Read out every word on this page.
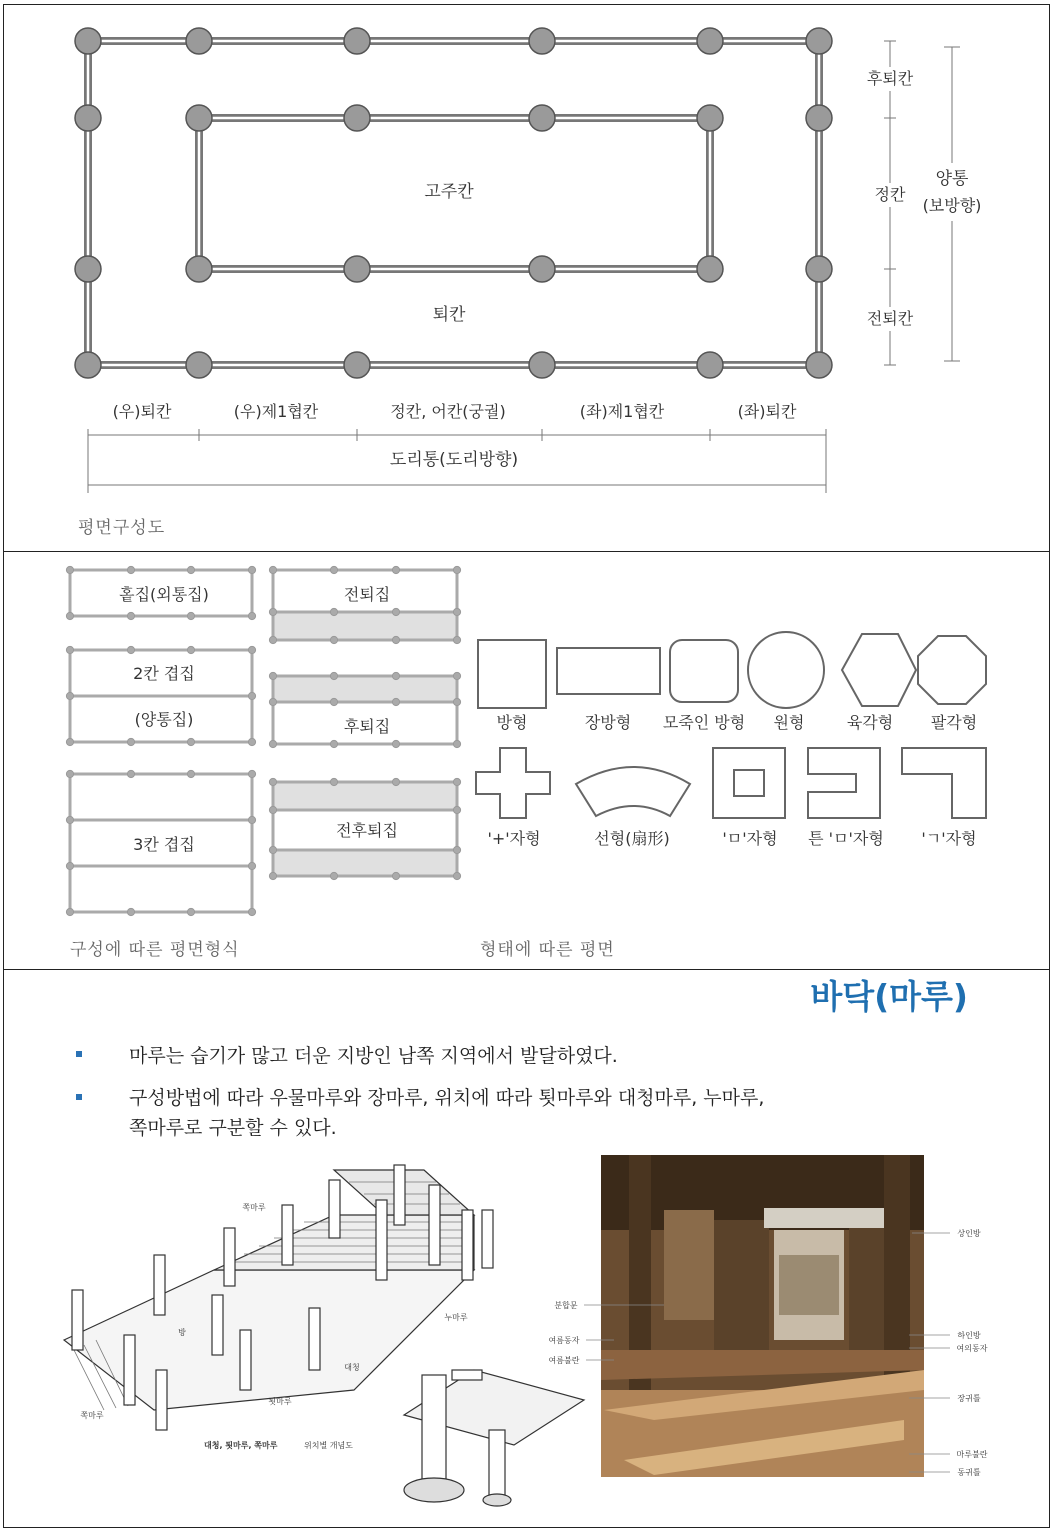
고주칸
퇴칸
후퇴칸
정칸
전퇴칸
양통
(보방향)
(우)퇴칸	(우)제1협칸	정칸, 어칸(궁궐)	(좌)제1협칸	(좌)퇴칸
도리통(도리방향)
평면구성도
홑집(외통집)
2칸 겹집
(양통집)
3칸 겹집
전퇴집
후퇴집
전후퇴집
구성에 따른 평면형식
방형	장방형 모죽인 방형 원형	육각형 팔각형
'+'자형	선형(扇形)	'ㅁ'자형 튼 'ㅁ'자형 'ㄱ'자형
형태에 따른 평면
바닥(마루)
마루는 습기가 많고 더운 지방인 남쪽 지역에서 발달하였다.
구성방법에 따라 우물마루와 장마루, 위치에 따라 툇마루와 대청마루, 누마루,
쪽마루로 구분할 수 있다.
쪽마루
누마루
방
대청
툇마루
쪽마루
대청, 툇마루, 쪽마루	위치별 개념도
분합문
여름동자
여름불란
상인방
하인방
여의동자
장귀틀
마루불란
동귀틀
